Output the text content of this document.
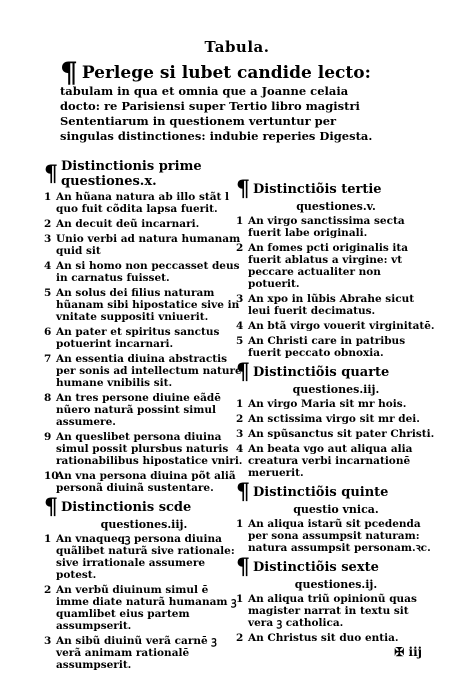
Tabula.
¶ Perlege si lubet candide lecto:
tabulam in qua et omnia que a Joanne celaia docto: re Parisiensi super Tertio libro magistri Sententiarum in questionem vertuntur per singulas distinctiones: indubie reperies Digesta.
¶ Distinctionis prime questiones.x.
1 An hũana natura ab illo stãt l quo fuit cõdita lapsa fuerit.
2 An decuit deũ incarnari.
3 Unio verbi ad natura humanam quid sit
4 An si homo non peccasset deus in carnatus fuisset.
5 An solus dei filius naturam hũanam sibi hipostatice sive in vnitate suppositi vniuerit.
6 An pater et spiritus sanctus potuerint incarnari.
7 An essentia diuina abstractis per sonis ad intellectum nature humane vnibilis sit.
8 An tres persone diuine eãdē nũero naturã possint simul assumere.
9 An queslibet persona diuina simul possit plursbus naturis rationabilibus hipostatice vniri.
10
An vna persona diuina põt aliã personã diuinã sustentare.
¶ Distinctionis scde
questiones.iij.
1 An vnaqueqꝫ persona diuina quãlibet naturã sive rationale: sive irrationale assumere potest.
2 An verbũ diuinum simul ē imme diate naturã humanam ꝫ quamlibet eius partem assumpserit.
3 An sibũ diuinũ verã carnē ꝫ verã animam rationalē assumpserit.
¶ Distinctiõis tertie
questiones.v.
1 An virgo sanctissima secta fuerit labe originali.
2 An fomes pcti originalis ita fuerit ablatus a virgine: vt peccare actualiter non potuerit.
3 An xpo in lũbis Abrahe sicut leui fuerit decimatus.
4 An btã virgo vouerit virginitatē.
5 An Christi care in patribus fuerit peccato obnoxia.
¶ Distinctiõis quarte
questiones.iij.
1 An virgo Maria sit mr hois.
2 An sctissima virgo sit mr dei.
3 An spũsanctus sit pater Christi.
4 An beata vgo aut aliqua alia creatura verbi incarnationē meruerit.
¶ Distinctiõis quinte
questio vnica.
1 An aliqua istarũ sit pcedenda per sona assumpsit naturam: natura assumpsit personam.ꝛc.
¶ Distinctiõis sexte
questiones.ij.
1 An aliqua triũ opinionũ quas magister narrat in textu sit vera ꝫ catholica.
2 An Christus sit duo entia.
✠ iij
